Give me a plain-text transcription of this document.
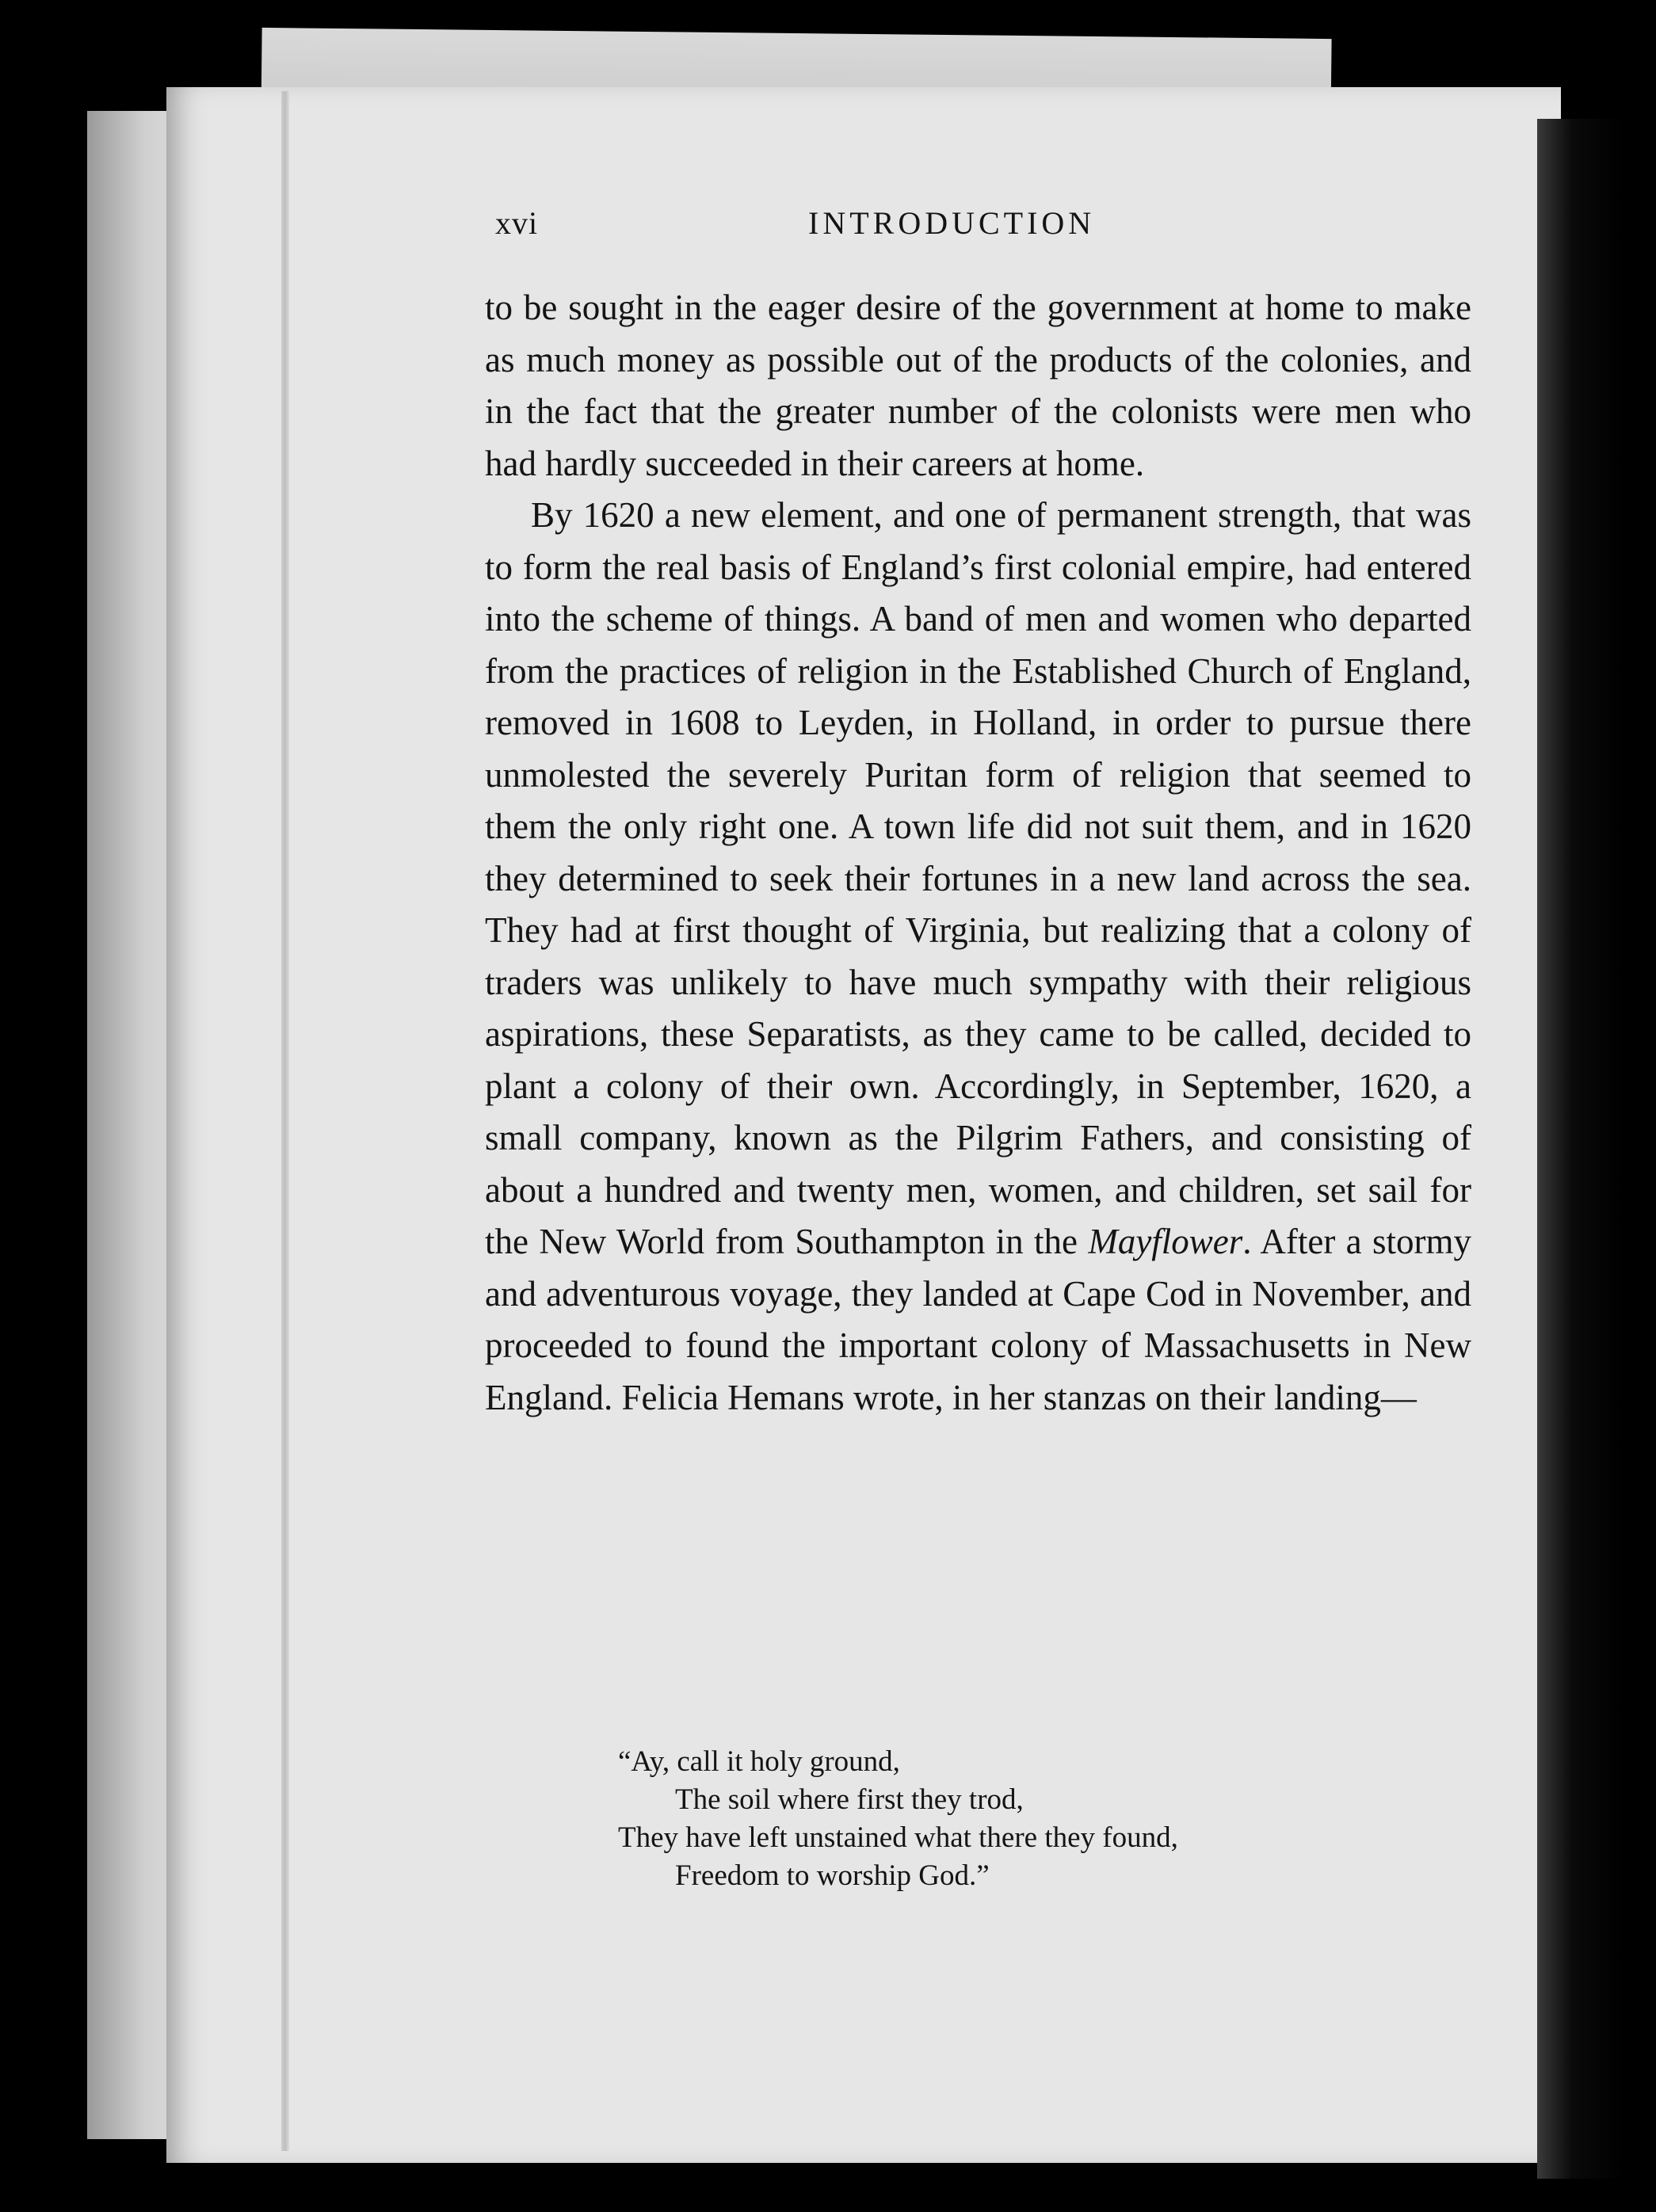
xvi	INTRODUCTION

to be sought in the eager desire of the government at home to make as much money as possible out of the products of the colonies, and in the fact that the greater number of the colonists were men who had hardly succeeded in their careers at home.

By 1620 a new element, and one of permanent strength, that was to form the real basis of England’s first colonial empire, had entered into the scheme of things. A band of men and women who departed from the practices of religion in the Established Church of England, removed in 1608 to Leyden, in Holland, in order to pursue there unmolested the severely Puritan form of religion that seemed to them the only right one. A town life did not suit them, and in 1620 they determined to seek their fortunes in a new land across the sea. They had at first thought of Virginia, but realizing that a colony of traders was unlikely to have much sympathy with their religious aspirations, these Separatists, as they came to be called, decided to plant a colony of their own. Accordingly, in September, 1620, a small company, known as the Pilgrim Fathers, and consisting of about a hundred and twenty men, women, and children, set sail for the New World from Southampton in the Mayflower. After a stormy and adventurous voyage, they landed at Cape Cod in November, and proceeded to found the important colony of Massachusetts in New England. Felicia Hemans wrote, in her stanzas on their landing—

“Ay, call it holy ground,
The soil where first they trod,
They have left unstained what there they found,
Freedom to worship God.”
